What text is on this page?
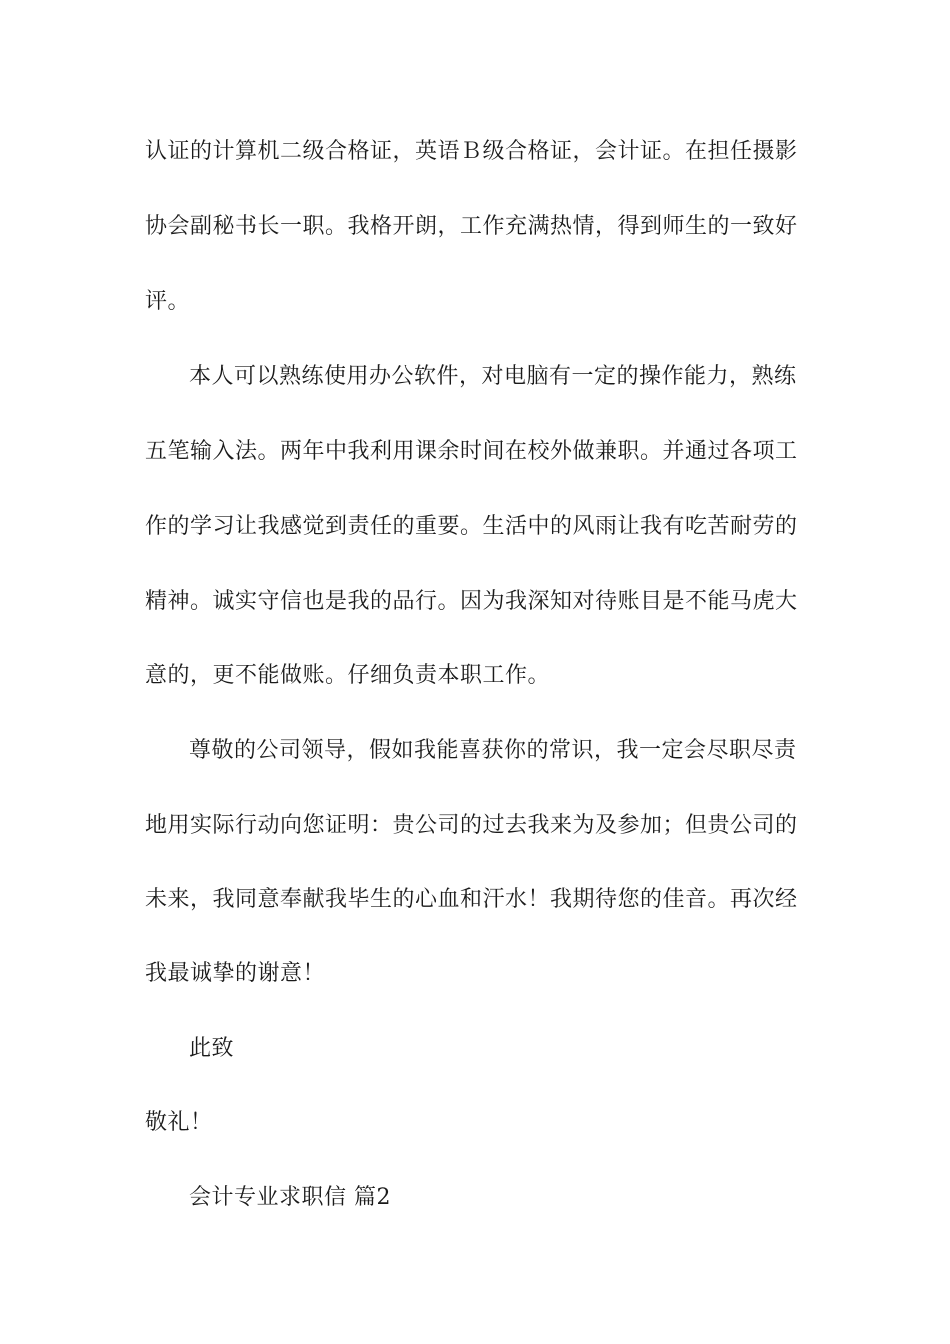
认证的计算机二级合格证，英语Ｂ级合格证，会计证。在担任摄影
协会副秘书长一职。我格开朗，工作充满热情，得到师生的一致好
评。
本人可以熟练使用办公软件，对电脑有一定的操作能力，熟练
五笔输入法。两年中我利用课余时间在校外做兼职。并通过各项工
作的学习让我感觉到责任的重要。生活中的风雨让我有吃苦耐劳的
精神。诚实守信也是我的品行。因为我深知对待账目是不能马虎大
意的，更不能做账。仔细负责本职工作。
尊敬的公司领导，假如我能喜获你的常识，我一定会尽职尽责
地用实际行动向您证明：贵公司的过去我来为及参加；但贵公司的
未来，我同意奉献我毕生的心血和汗水！我期待您的佳音。再次经
我最诚挚的谢意！
此致
敬礼！
会计专业求职信 篇2
